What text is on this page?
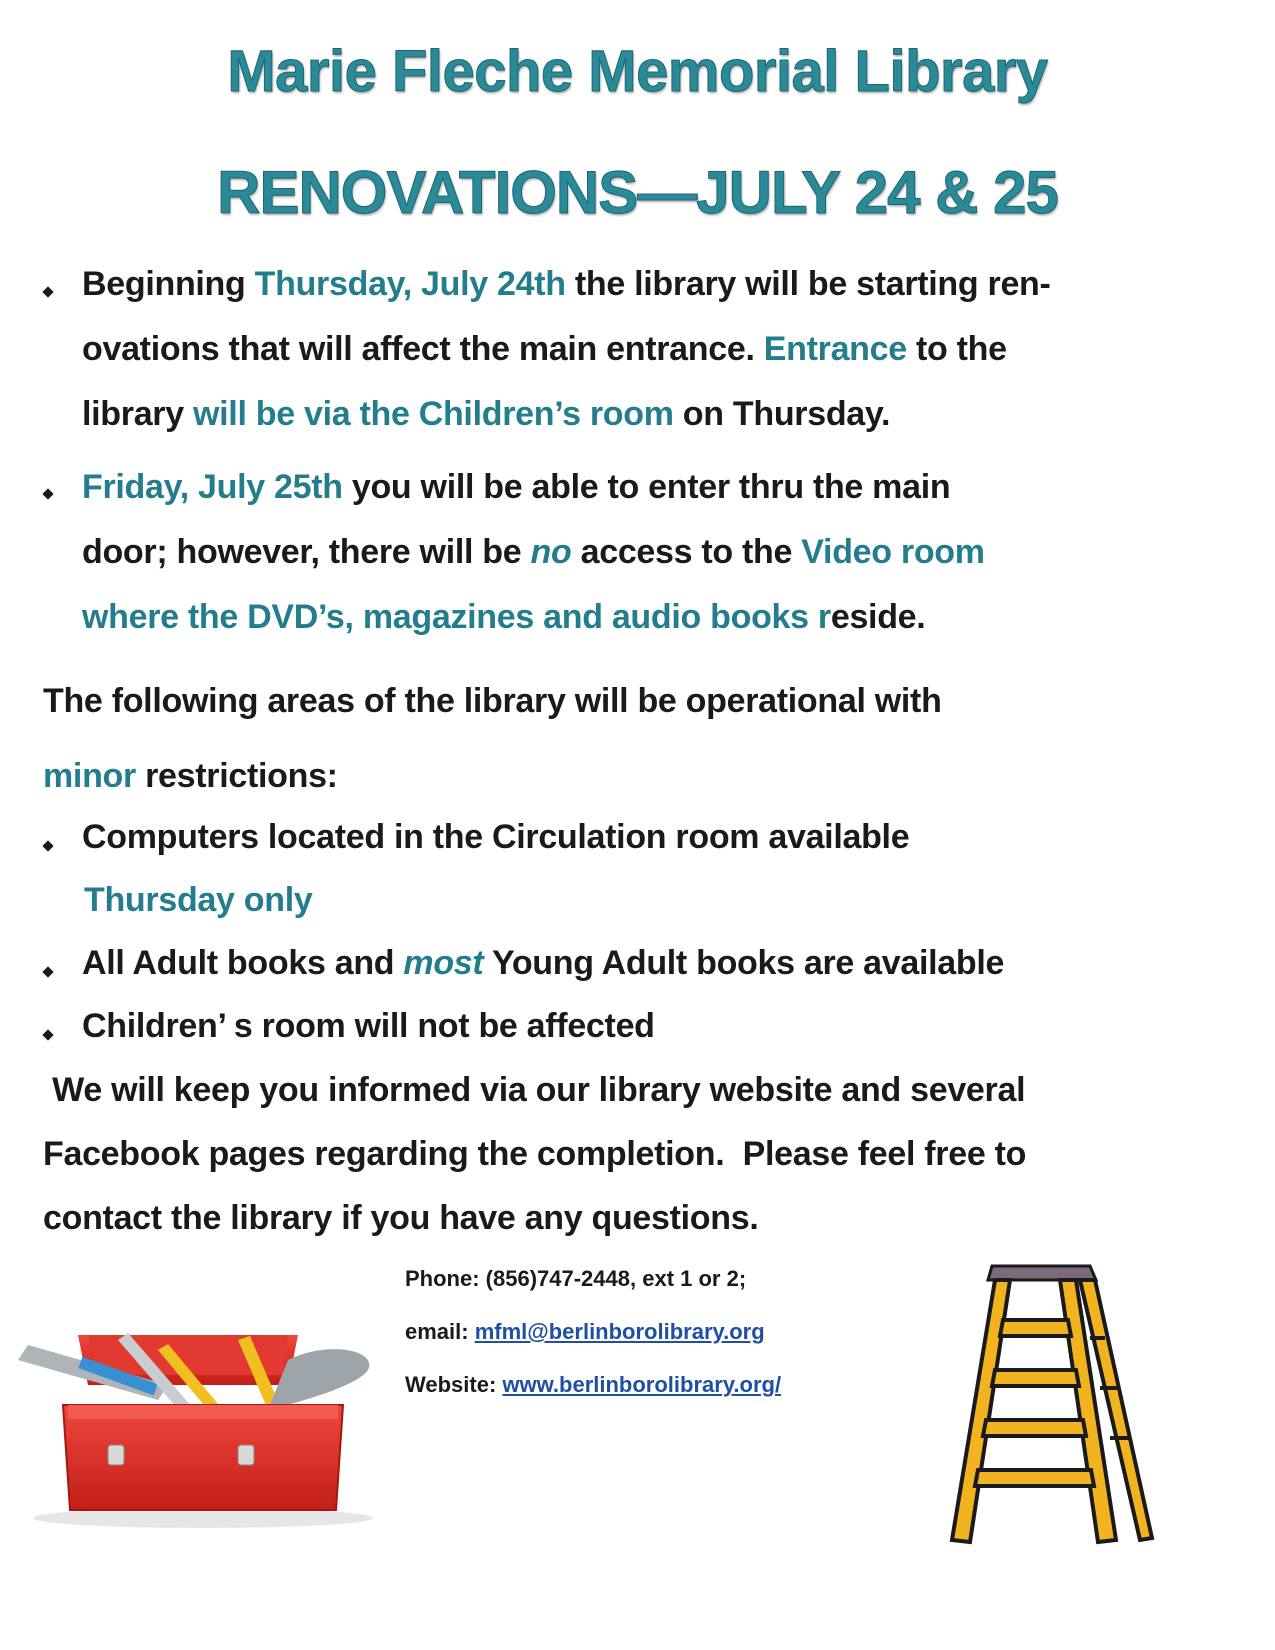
Marie Fleche Memorial Library
RENOVATIONS—JULY 24 & 25
Beginning Thursday, July 24th the library will be starting ren-
ovations that will affect the main entrance. Entrance to the
library will be via the Children’s room on Thursday.
Friday, July 25th you will be able to enter thru the main
door; however, there will be no access to the Video room
where the DVD’s, magazines and audio books reside.
The following areas of the library will be operational with
minor restrictions:
Computers located in the Circulation room available
Thursday only
All Adult books and most Young Adult books are available
Children’ s room will not be affected
We will keep you informed via our library website and several
Facebook pages regarding the completion.  Please feel free to
contact the library if you have any questions.
Phone: (856)747-2448, ext 1 or 2;
email: mfml@berlinborolibrary.org
Website: www.berlinborolibrary.org/
